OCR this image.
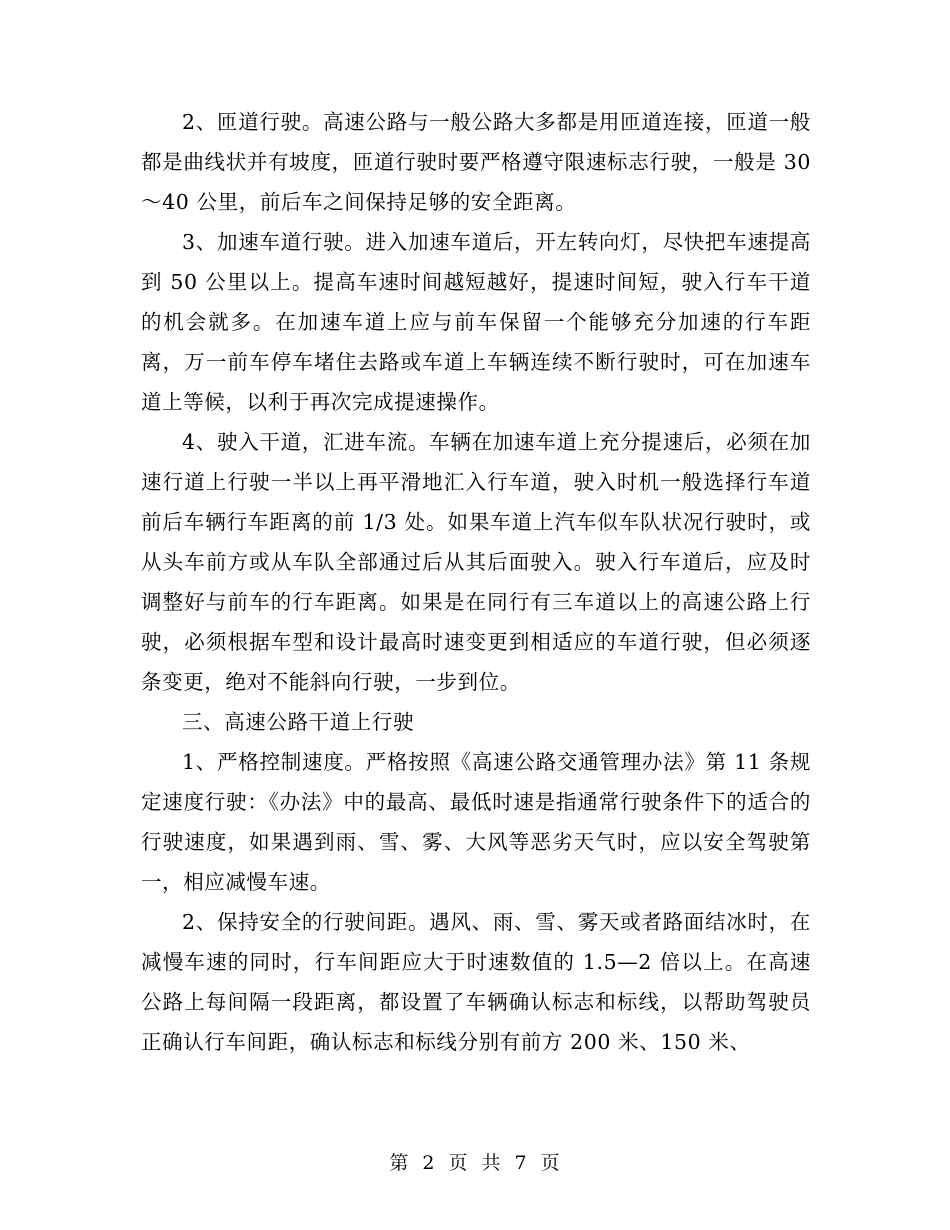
2、匝道行驶。高速公路与一般公路大多都是用匝道连接，匝道一般都是曲线状并有坡度，匝道行驶时要严格遵守限速标志行驶，一般是 30～40 公里，前后车之间保持足够的安全距离。

3、加速车道行驶。进入加速车道后，开左转向灯，尽快把车速提高到 50 公里以上。提高车速时间越短越好，提速时间短，驶入行车干道的机会就多。在加速车道上应与前车保留一个能够充分加速的行车距离，万一前车停车堵住去路或车道上车辆连续不断行驶时，可在加速车道上等候，以利于再次完成提速操作。

4、驶入干道，汇进车流。车辆在加速车道上充分提速后，必须在加速行道上行驶一半以上再平滑地汇入行车道，驶入时机一般选择行车道前后车辆行车距离的前 1/3 处。如果车道上汽车似车队状况行驶时，或从头车前方或从车队全部通过后从其后面驶入。驶入行车道后，应及时调整好与前车的行车距离。如果是在同行有三车道以上的高速公路上行驶，必须根据车型和设计最高时速变更到相适应的车道行驶，但必须逐条变更，绝对不能斜向行驶，一步到位。

三、高速公路干道上行驶

1、严格控制速度。严格按照《高速公路交通管理办法》第 11 条规定速度行驶：《办法》中的最高、最低时速是指通常行驶条件下的适合的行驶速度，如果遇到雨、雪、雾、大风等恶劣天气时，应以安全驾驶第一，相应减慢车速。

2、保持安全的行驶间距。遇风、雨、雪、雾天或者路面结冰时，在减慢车速的同时，行车间距应大于时速数值的 1.5—2 倍以上。在高速公路上每间隔一段距离，都设置了车辆确认标志和标线，以帮助驾驶员正确认行车间距，确认标志和标线分别有前方 200 米、150 米、

第 2 页 共 7 页
